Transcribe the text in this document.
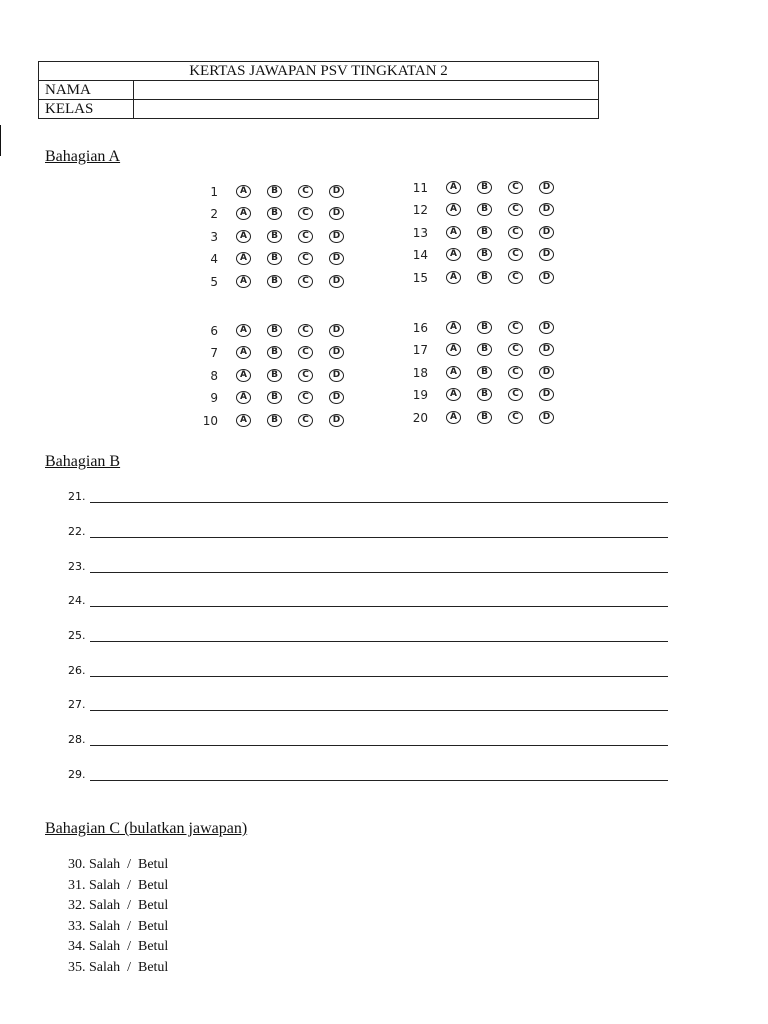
KERTAS JAWAPAN PSV TINGKATAN 2	
NAMA	
KELAS	
Bahagian A
1	A	B	C	D
2	A	B	C	D
3	A	B	C	D
4	A	B	C	D
5	A	B	C	D
6	A	B	C	D
7	A	B	C	D
8	A	B	C	D
9	A	B	C	D
10	A	B	C	D
11	A	B	C	D
12	A	B	C	D
13	A	B	C	D
14	A	B	C	D
15	A	B	C	D
16	A	B	C	D
17	A	B	C	D
18	A	B	C	D
19	A	B	C	D
20	A	B	C	D
Bahagian B
21.
22.
23.
24.
25.
26.
27.
28.
29.
Bahagian C (bulatkan jawapan)
30. Salah  /  Betul
31. Salah  /  Betul
32. Salah  /  Betul
33. Salah  /  Betul
34. Salah  /  Betul
35. Salah  /  Betul
